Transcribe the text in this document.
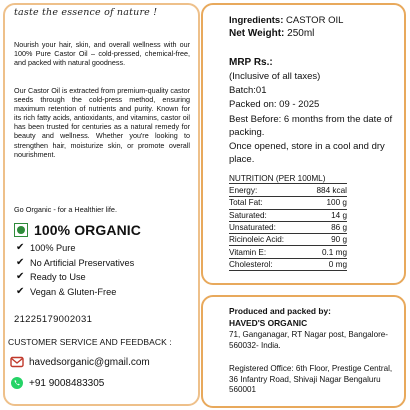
taste the essence of nature !
Nourish your hair, skin, and overall wellness with our 100% Pure Castor Oil – cold-pressed, chemical-free, and packed with natural goodness.
Our Castor Oil is extracted from premium-quality castor seeds through the cold-press method, ensuring maximum retention of nutrients and purity. Known for its rich fatty acids, antioxidants, and vitamins, castor oil has been trusted for centuries as a natural remedy for beauty and wellness. Whether you're looking to strengthen hair, moisturize skin, or promote overall nourishment.
Go Organic - for a Healthier life.
100% ORGANIC
✔ 100% Pure
✔ No Artificial Preservatives
✔ Ready to Use
✔ Vegan & Gluten-Free
21225179002031
CUSTOMER SERVICE AND FEEDBACK :
havedsorganic@gmail.com
+91 9008483305
Ingredients: CASTOR OIL
Net Weight: 250ml
MRP Rs.:
(Inclusive of all taxes)
Batch:01
Packed on: 09 - 2025
Best Before: 6 months from the date of packing.
Once opened, store in a cool and dry place.
NUTRITION (PER 100ML)
Energy:	884 kcal
Total Fat:	100 g
Saturated:	14 g
Unsaturated:	86 g
Ricinoleic Acid:	90 g
Vitamin E:	0.1 mg
Cholesterol:	0 mg
Produced and packed by:
HAVED'S ORGANIC
71, Ganganagar, RT Nagar post, Bangalore- 560032- India.
Registered Office: 6th Floor, Prestige Central, 36 Infantry Road, Shivaji Nagar Bengaluru 560001
